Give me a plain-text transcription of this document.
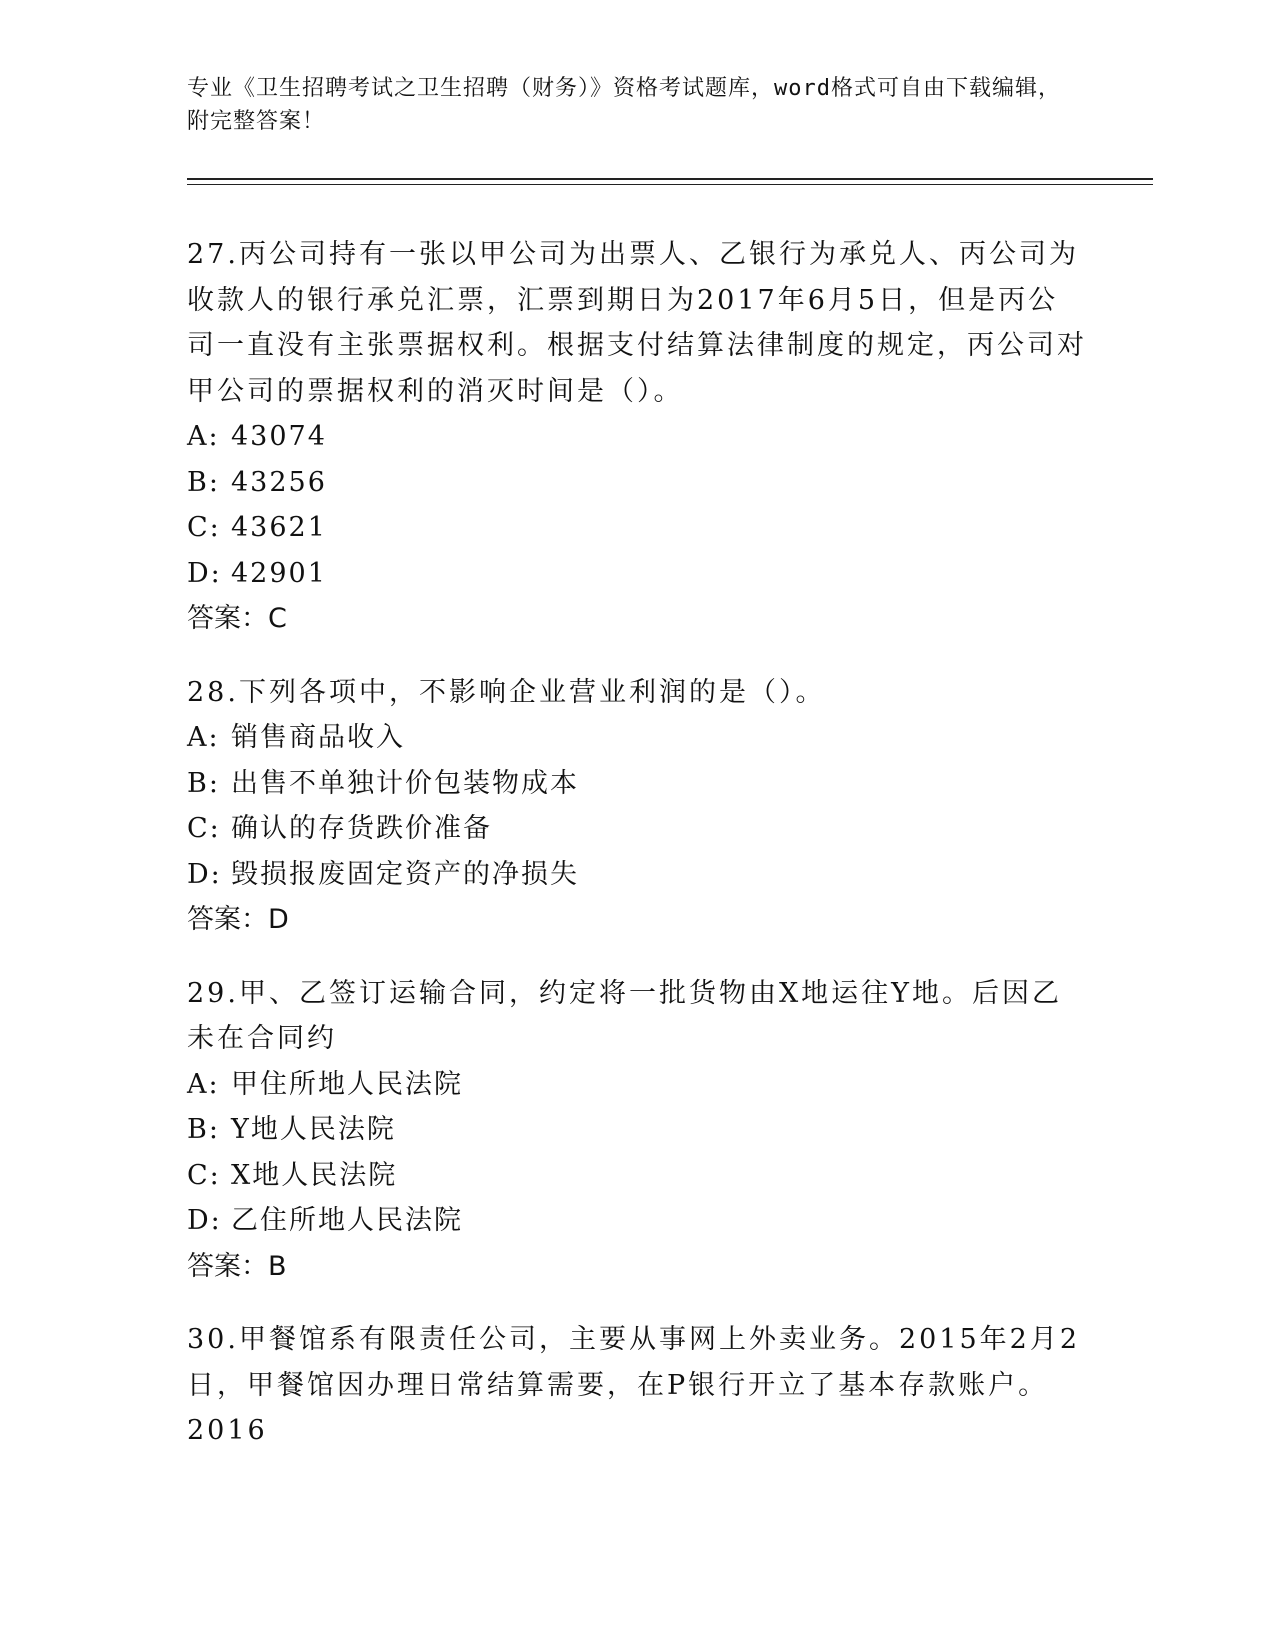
专业《卫生招聘考试之卫生招聘（财务）》资格考试题库，word格式可自由下载编辑，附完整答案！

27.丙公司持有一张以甲公司为出票人、乙银行为承兑人、丙公司为收款人的银行承兑汇票，汇票到期日为2017年6月5日，但是丙公司一直没有主张票据权利。根据支付结算法律制度的规定，丙公司对甲公司的票据权利的消灭时间是（）。

A: 43074

B: 43256

C: 43621

D: 42901

答案：C

28.下列各项中，不影响企业营业利润的是（）。

A: 销售商品收入

B: 出售不单独计价包装物成本

C: 确认的存货跌价准备

D: 毁损报废固定资产的净损失

答案：D

29.甲、乙签订运输合同，约定将一批货物由X地运往Y地。后因乙未在合同约

A: 甲住所地人民法院

B: Y地人民法院

C: X地人民法院

D: 乙住所地人民法院

答案：B

30.甲餐馆系有限责任公司，主要从事网上外卖业务。2015年2月2日，甲餐馆因办理日常结算需要，在P银行开立了基本存款账户。2016
